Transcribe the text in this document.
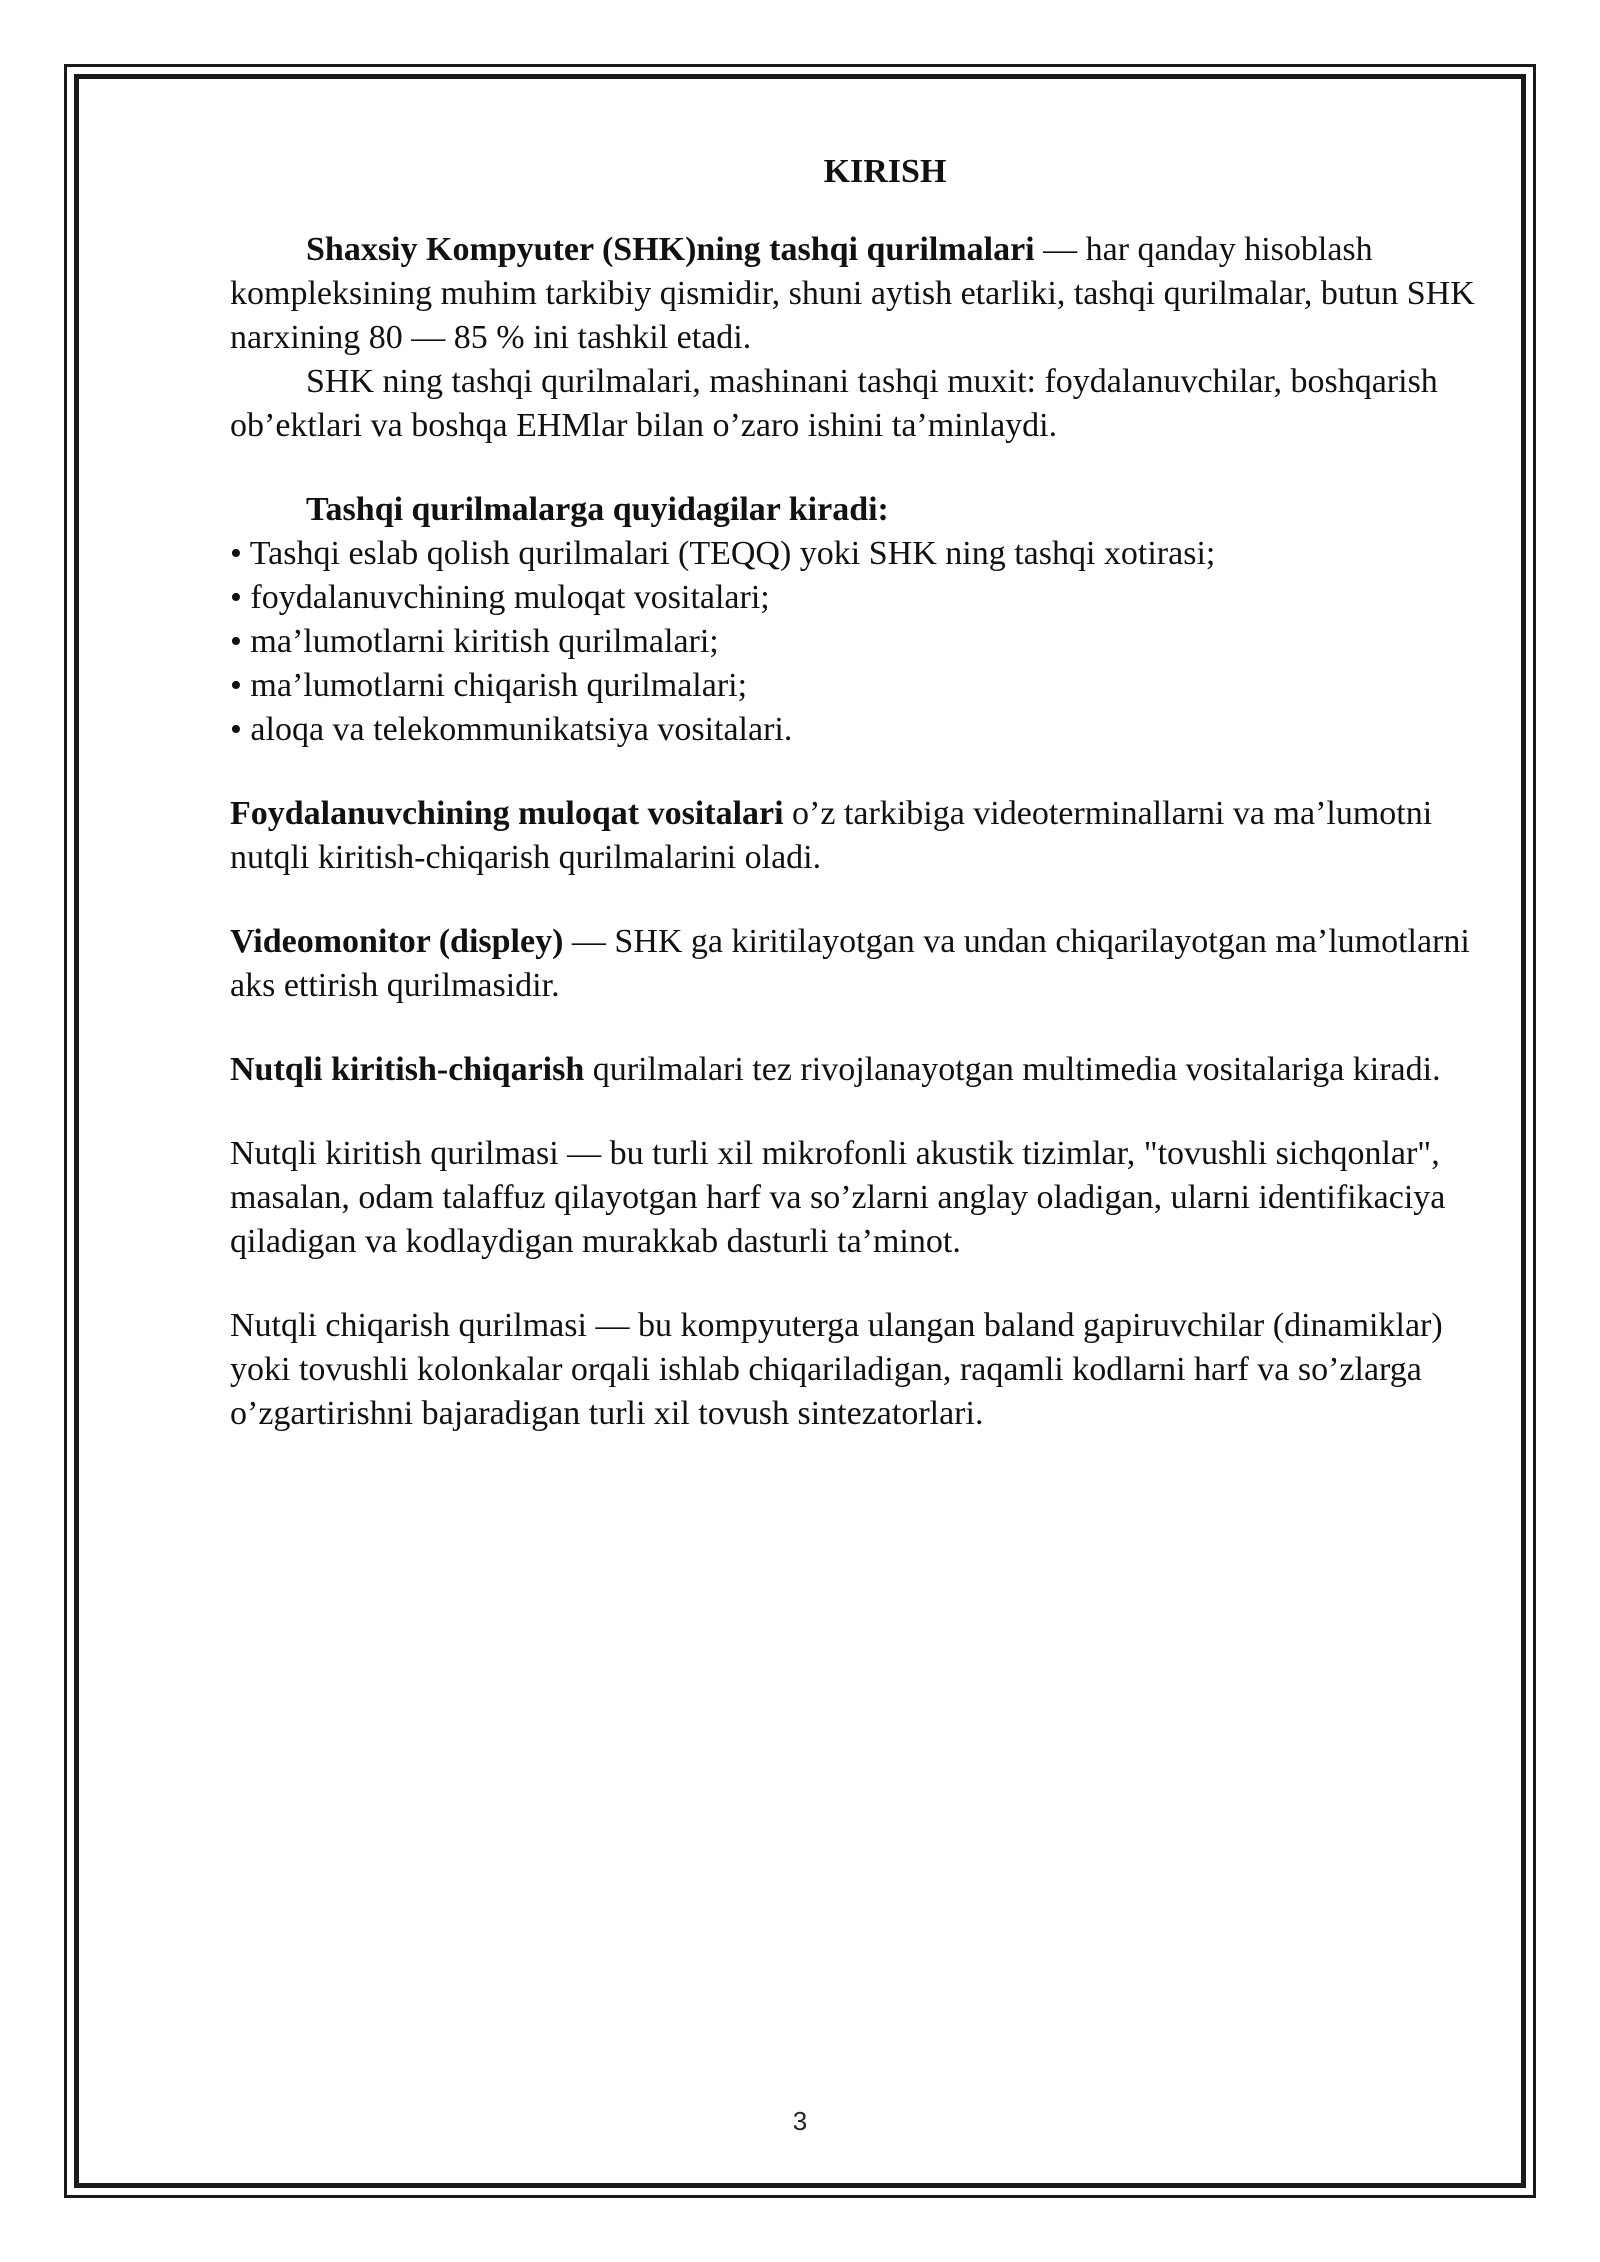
KIRISH

Shaxsiy Kompyuter (SHK)ning tashqi qurilmalari — har qanday hisoblash kompleksining muhim tarkibiy qismidir, shuni aytish etarliki, tashqi qurilmalar, butun SHK narxining 80 — 85 % ini tashkil etadi.

SHK ning tashqi qurilmalari, mashinani tashqi muxit: foydalanuvchilar, boshqarish ob’ektlari va boshqa EHMlar bilan o’zaro ishini ta’minlaydi.

Tashqi qurilmalarga quyidagilar kiradi:

• Tashqi eslab qolish qurilmalari (TEQQ) yoki SHK ning tashqi xotirasi;

• foydalanuvchining muloqat vositalari;

• ma’lumotlarni kiritish qurilmalari;

• ma’lumotlarni chiqarish qurilmalari;

• aloqa va telekommunikatsiya vositalari.

Foydalanuvchining muloqat vositalari o’z tarkibiga videoterminallarni va ma’lumotni nutqli kiritish-chiqarish qurilmalarini oladi.

Videomonitor (displey) — SHK ga kiritilayotgan va undan chiqarilayotgan ma’lumotlarni aks ettirish qurilmasidir.

Nutqli kiritish-chiqarish qurilmalari tez rivojlanayotgan multimedia vositalariga kiradi.

Nutqli kiritish qurilmasi — bu turli xil mikrofonli akustik tizimlar, "tovushli sichqonlar", masalan, odam talaffuz qilayotgan harf va so’zlarni anglay oladigan, ularni identifikaciya qiladigan va kodlaydigan murakkab dasturli ta’minot.

Nutqli chiqarish qurilmasi — bu kompyuterga ulangan baland gapiruvchilar (dinamiklar) yoki tovushli kolonkalar orqali ishlab chiqariladigan, raqamli kodlarni harf va so’zlarga o’zgartirishni bajaradigan turli xil tovush sintezatorlari.

3
